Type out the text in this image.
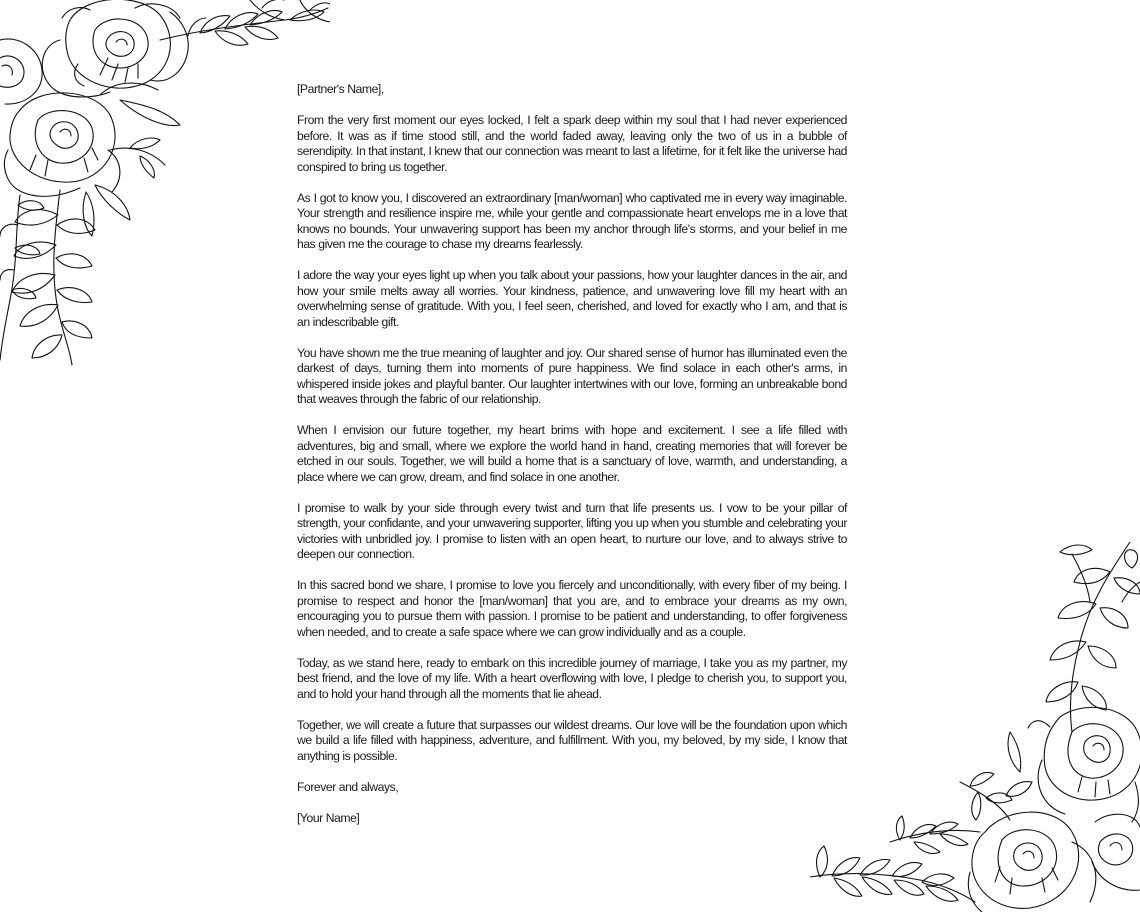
[Partner's Name],

From the very first moment our eyes locked, I felt a spark deep within my soul that I had never experienced before. It was as if time stood still, and the world faded away, leaving only the two of us in a bubble of serendipity. In that instant, I knew that our connection was meant to last a lifetime, for it felt like the universe had conspired to bring us together.

As I got to know you, I discovered an extraordinary [man/woman] who captivated me in every way imaginable. Your strength and resilience inspire me, while your gentle and compassionate heart envelops me in a love that knows no bounds. Your unwavering support has been my anchor through life's storms, and your belief in me has given me the courage to chase my dreams fearlessly.

I adore the way your eyes light up when you talk about your passions, how your laughter dances in the air, and how your smile melts away all worries. Your kindness, patience, and unwavering love fill my heart with an overwhelming sense of gratitude. With you, I feel seen, cherished, and loved for exactly who I am, and that is an indescribable gift.

You have shown me the true meaning of laughter and joy. Our shared sense of humor has illuminated even the darkest of days, turning them into moments of pure happiness. We find solace in each other's arms, in whispered inside jokes and playful banter. Our laughter intertwines with our love, forming an unbreakable bond that weaves through the fabric of our relationship.

When I envision our future together, my heart brims with hope and excitement. I see a life filled with adventures, big and small, where we explore the world hand in hand, creating memories that will forever be etched in our souls. Together, we will build a home that is a sanctuary of love, warmth, and understanding, a place where we can grow, dream, and find solace in one another.

I promise to walk by your side through every twist and turn that life presents us. I vow to be your pillar of strength, your confidante, and your unwavering supporter, lifting you up when you stumble and celebrating your victories with unbridled joy. I promise to listen with an open heart, to nurture our love, and to always strive to deepen our connection.

In this sacred bond we share, I promise to love you fiercely and unconditionally, with every fiber of my being. I promise to respect and honor the [man/woman] that you are, and to embrace your dreams as my own, encouraging you to pursue them with passion. I promise to be patient and understanding, to offer forgiveness when needed, and to create a safe space where we can grow individually and as a couple.

Today, as we stand here, ready to embark on this incredible journey of marriage, I take you as my partner, my best friend, and the love of my life. With a heart overflowing with love, I pledge to cherish you, to support you, and to hold your hand through all the moments that lie ahead.

Together, we will create a future that surpasses our wildest dreams. Our love will be the foundation upon which we build a life filled with happiness, adventure, and fulfillment. With you, my beloved, by my side, I know that anything is possible.

Forever and always,

[Your Name]
